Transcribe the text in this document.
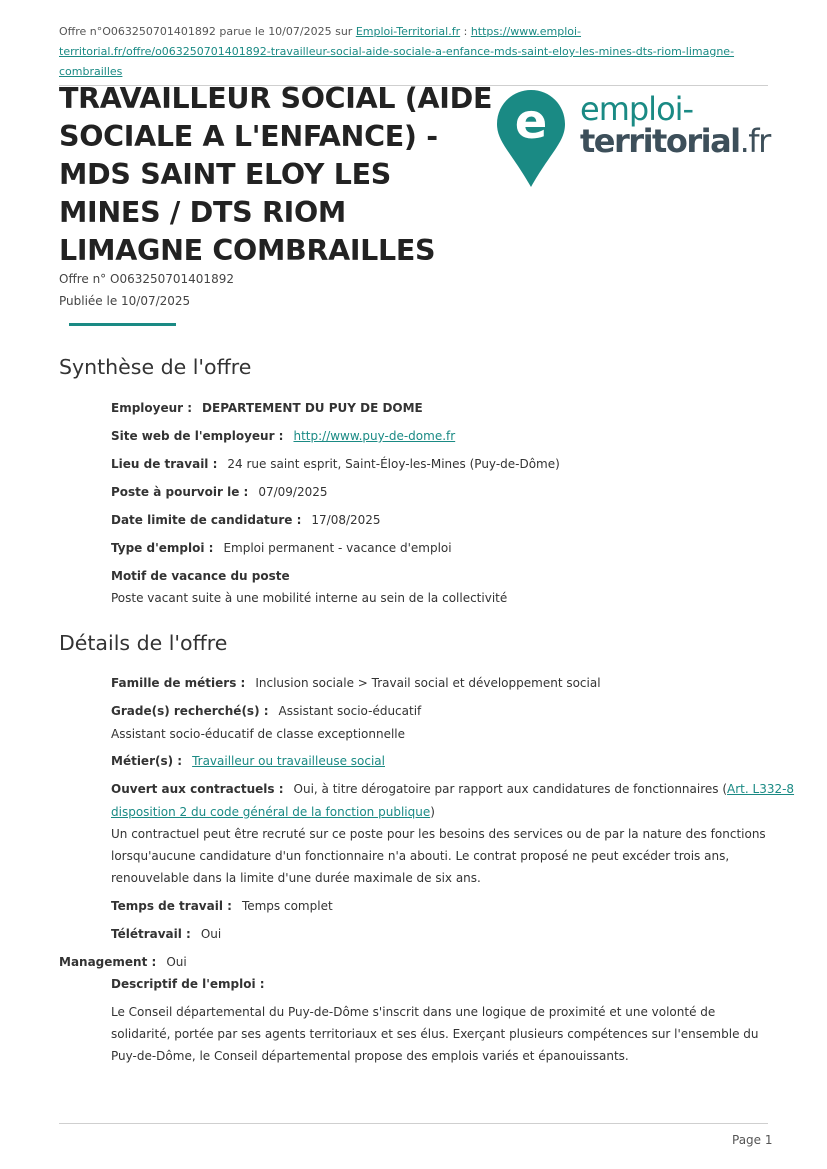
Offre n°O063250701401892 parue le 10/07/2025 sur Emploi-Territorial.fr : https://www.emploi-territorial.fr/offre/o063250701401892-travailleur-social-aide-sociale-a-enfance-mds-saint-eloy-les-mines-dts-riom-limagne-combrailles
TRAVAILLEUR SOCIAL (AIDE SOCIALE A L'ENFANCE) - MDS SAINT ELOY LES MINES / DTS RIOM LIMAGNE COMBRAILLES
e emploi-
territorial.fr
Offre n° O063250701401892
Publiée le 10/07/2025
Synthèse de l'offre
Employeur : DEPARTEMENT DU PUY DE DOME
Site web de l'employeur : http://www.puy-de-dome.fr
Lieu de travail : 24 rue saint esprit, Saint-Éloy-les-Mines (Puy-de-Dôme)
Poste à pourvoir le : 07/09/2025
Date limite de candidature : 17/08/2025
Type d'emploi : Emploi permanent - vacance d'emploi
Motif de vacance du poste
Poste vacant suite à une mobilité interne au sein de la collectivité
Détails de l'offre
Famille de métiers : Inclusion sociale > Travail social et développement social
Grade(s) recherché(s) : Assistant socio-éducatif
Assistant socio-éducatif de classe exceptionnelle
Métier(s) : Travailleur ou travailleuse social
Ouvert aux contractuels : Oui, à titre dérogatoire par rapport aux candidatures de fonctionnaires (Art. L332-8
disposition 2 du code général de la fonction publique)
Un contractuel peut être recruté sur ce poste pour les besoins des services ou de par la nature des fonctions lorsqu'aucune candidature d'un fonctionnaire n'a abouti. Le contrat proposé ne peut excéder trois ans, renouvelable dans la limite d'une durée maximale de six ans.
Temps de travail : Temps complet
Télétravail : Oui
Management : Oui
Descriptif de l'emploi :
Le Conseil départemental du Puy-de-Dôme s'inscrit dans une logique de proximité et une volonté de solidarité, portée par ses agents territoriaux et ses élus. Exerçant plusieurs compétences sur l'ensemble du Puy-de-Dôme, le Conseil départemental propose des emplois variés et épanouissants.
Page 1
